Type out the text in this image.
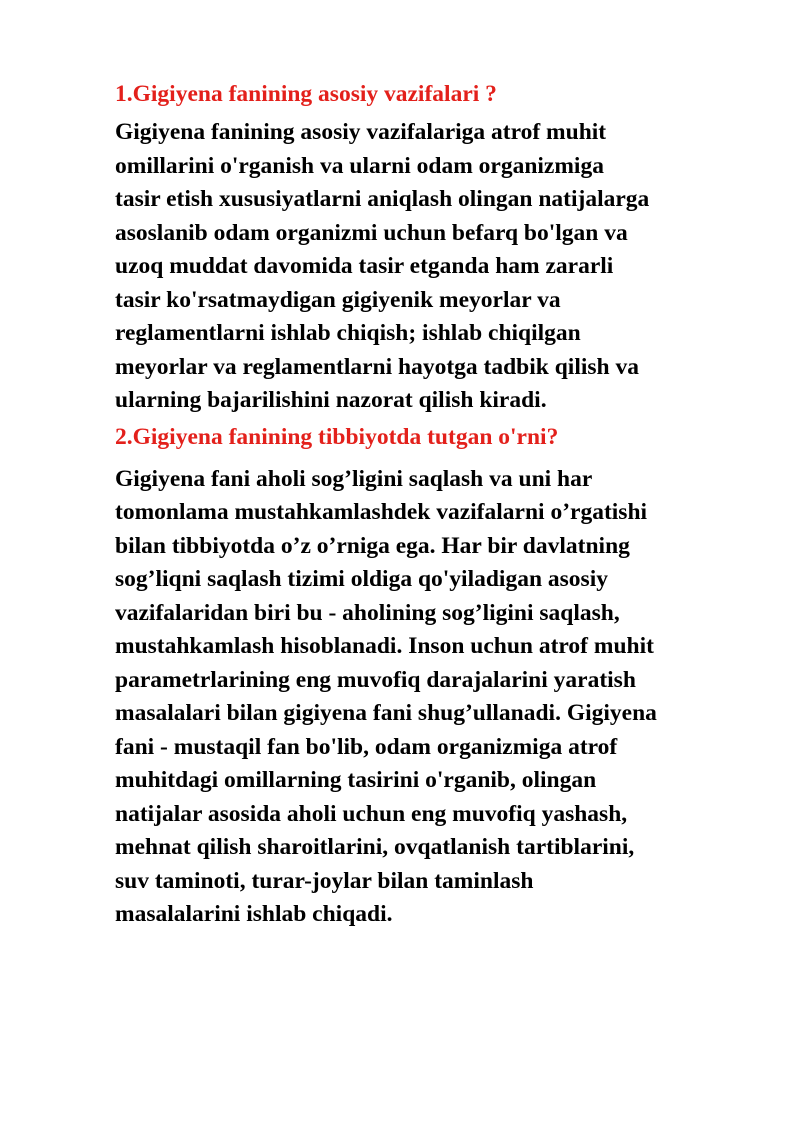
1.Gigiyena fanining asosiy vazifalari ?
Gigiyena fanining asosiy vazifalariga atrof muhit
omillarini o'rganish va ularni odam organizmiga
tasir etish xususiyatlarni aniqlash olingan natijalarga
asoslanib odam organizmi uchun befarq bo'lgan va
uzoq muddat davomida tasir etganda ham zararli
tasir ko'rsatmaydigan gigiyenik meyorlar va
reglamentlarni ishlab chiqish; ishlab chiqilgan
meyorlar va reglamentlarni hayotga tadbik qilish va
ularning bajarilishini nazorat qilish kiradi.
2.Gigiyena fanining tibbiyotda tutgan o'rni?
Gigiyena fani aholi sog’ligini saqlash va uni har
tomonlama mustahkamlashdek vazifalarni o’rgatishi
bilan tibbiyotda o’z o’rniga ega. Har bir davlatning
sog’liqni saqlash tizimi oldiga qo'yiladigan asosiy
vazifalaridan biri bu - aholining sog’ligini saqlash,
mustahkamlash hisoblanadi. Inson uchun atrof muhit
parametrlarining eng muvofiq darajalarini yaratish
masalalari bilan gigiyena fani shug’ullanadi. Gigiyena
fani - mustaqil fan bo'lib, odam organizmiga atrof
muhitdagi omillarning tasirini o'rganib, olingan
natijalar asosida aholi uchun eng muvofiq yashash,
mehnat qilish sharoitlarini, ovqatlanish tartiblarini,
suv taminoti, turar-joylar bilan taminlash
masalalarini ishlab chiqadi.
